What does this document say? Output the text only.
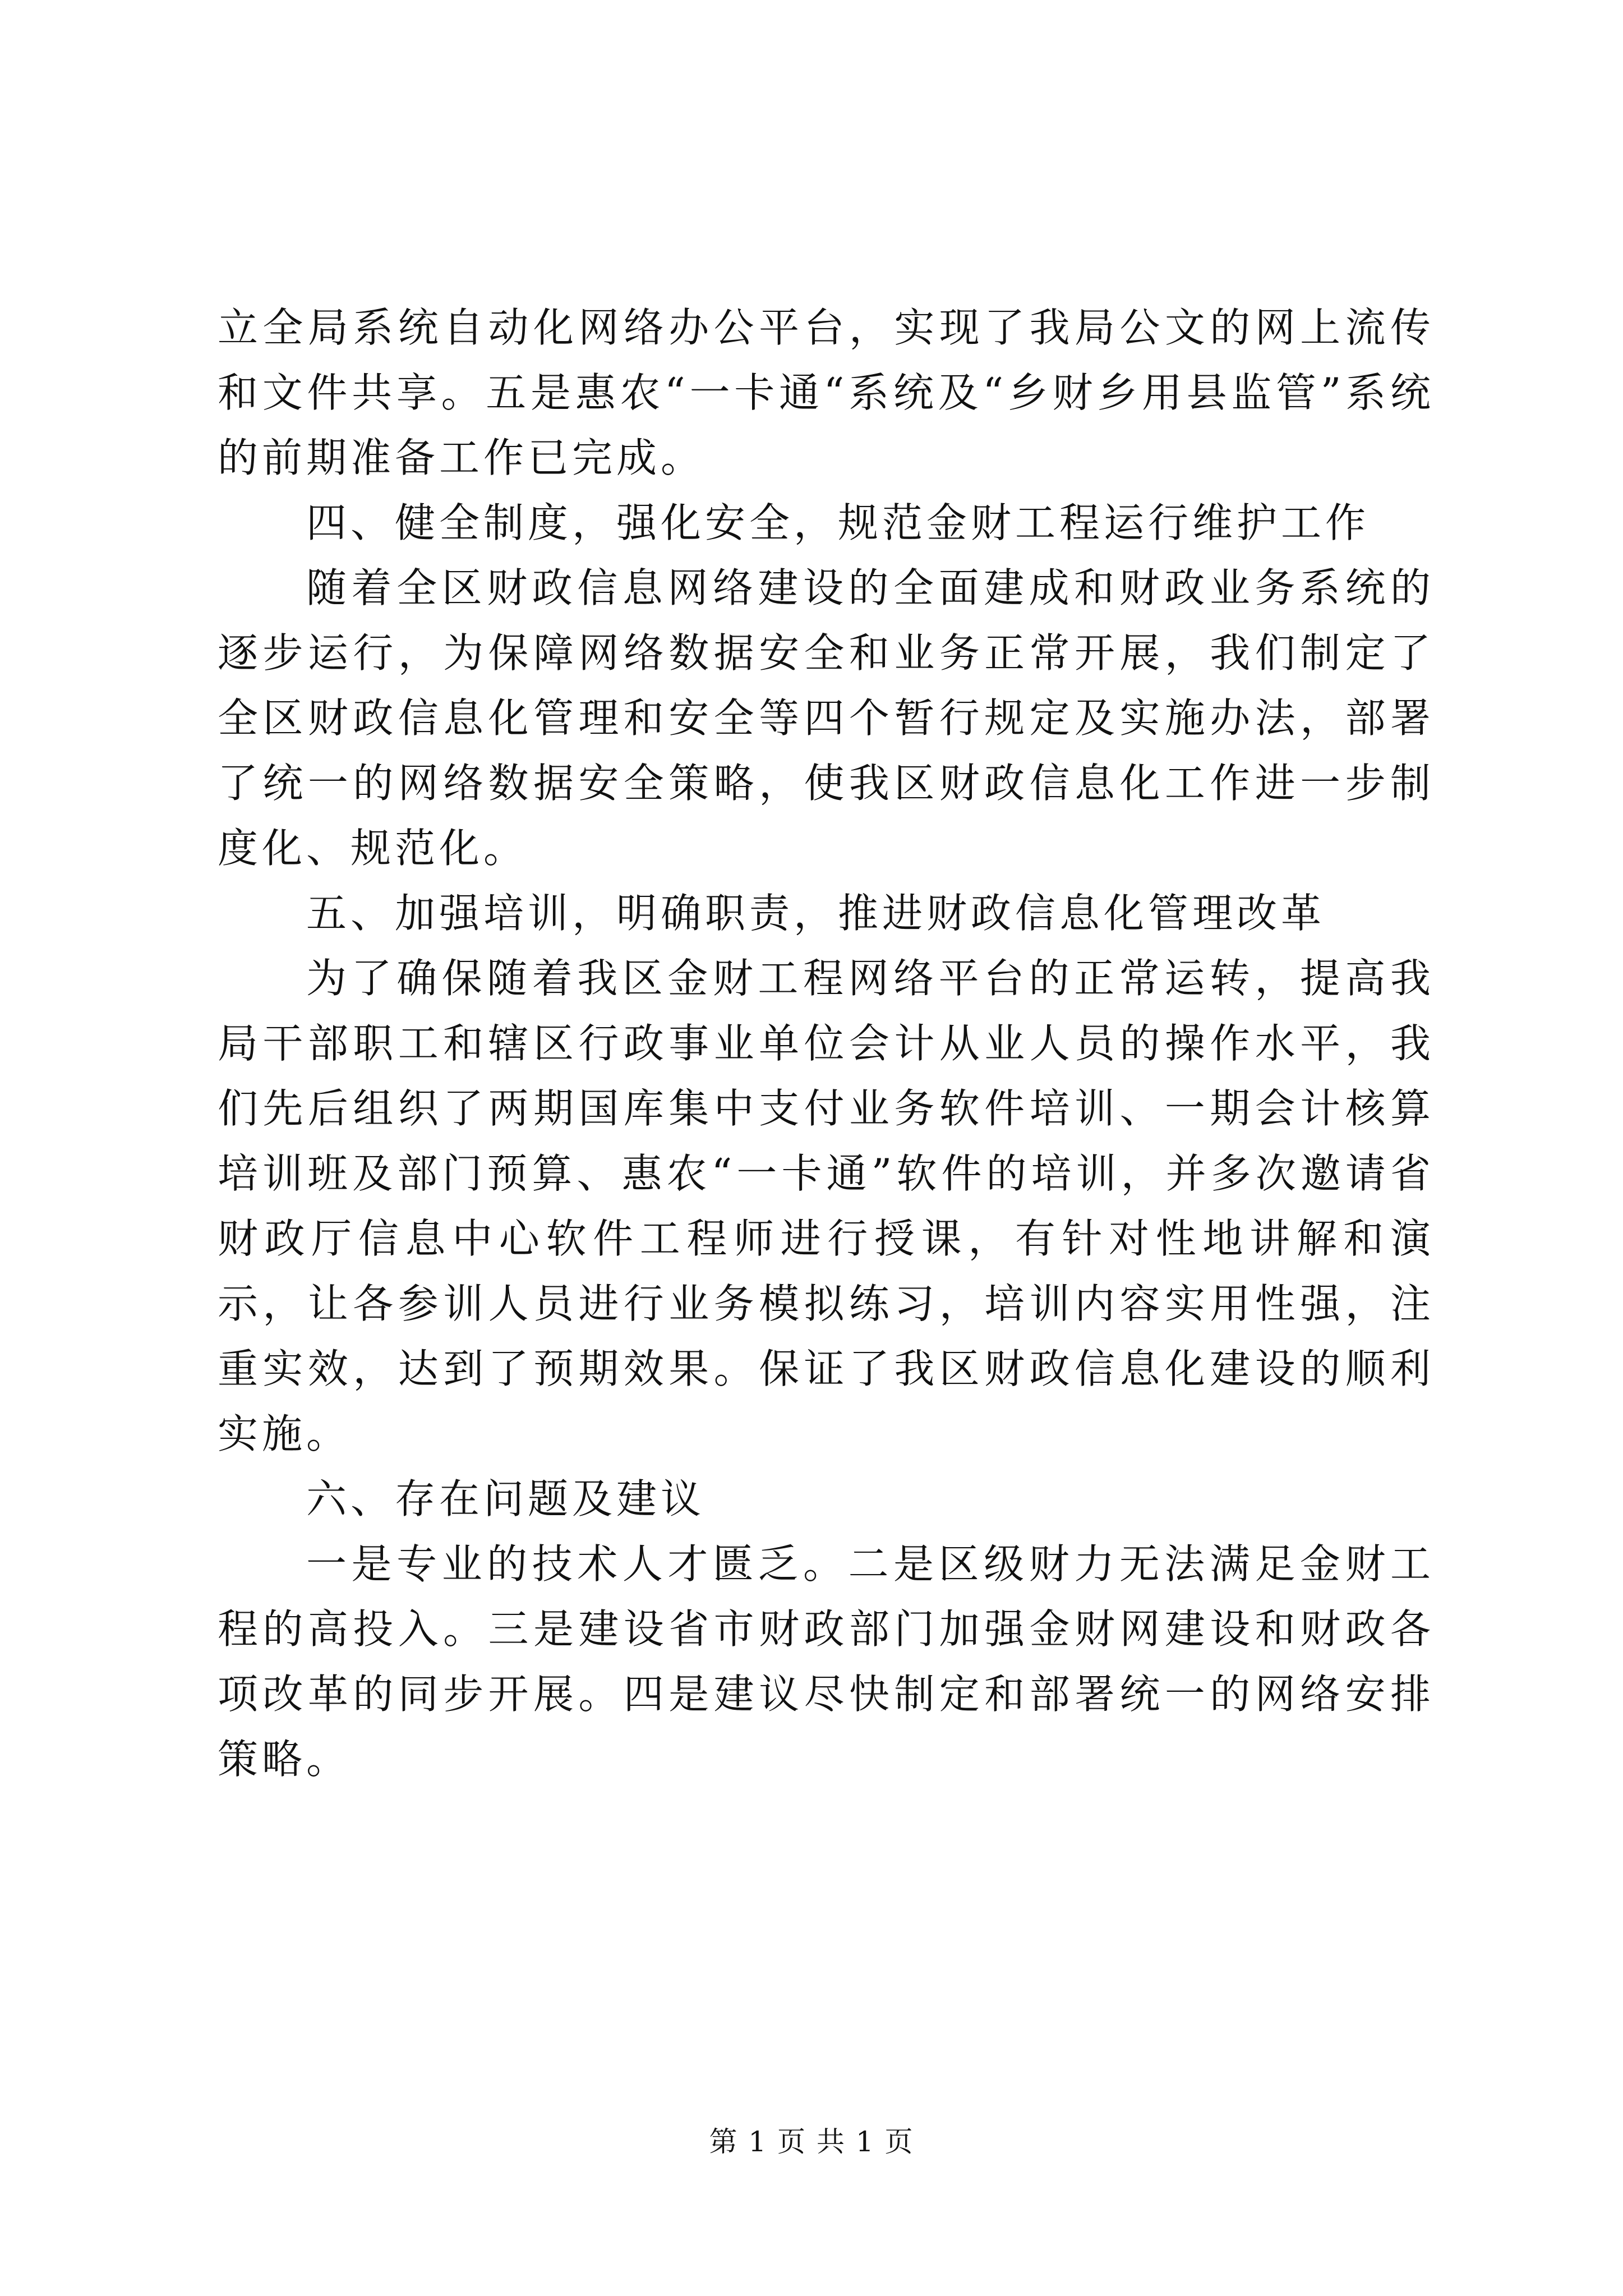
立全局系统自动化网络办公平台，实现了我局公文的网上流传和文件共享。五是惠农“一卡通“系统及“乡财乡用县监管”系统的前期准备工作已完成。

四、健全制度，强化安全，规范金财工程运行维护工作

随着全区财政信息网络建设的全面建成和财政业务系统的逐步运行，为保障网络数据安全和业务正常开展，我们制定了全区财政信息化管理和安全等四个暂行规定及实施办法，部署了统一的网络数据安全策略，使我区财政信息化工作进一步制度化、规范化。

五、加强培训，明确职责，推进财政信息化管理改革

为了确保随着我区金财工程网络平台的正常运转，提高我局干部职工和辖区行政事业单位会计从业人员的操作水平，我们先后组织了两期国库集中支付业务软件培训、一期会计核算培训班及部门预算、惠农“一卡通”软件的培训，并多次邀请省财政厅信息中心软件工程师进行授课，有针对性地讲解和演示，让各参训人员进行业务模拟练习，培训内容实用性强，注重实效，达到了预期效果。保证了我区财政信息化建设的顺利实施。

六、存在问题及建议

一是专业的技术人才匮乏。二是区级财力无法满足金财工程的高投入。三是建设省市财政部门加强金财网建设和财政各项改革的同步开展。四是建议尽快制定和部署统一的网络安排策略。

第 1 页 共 1 页
